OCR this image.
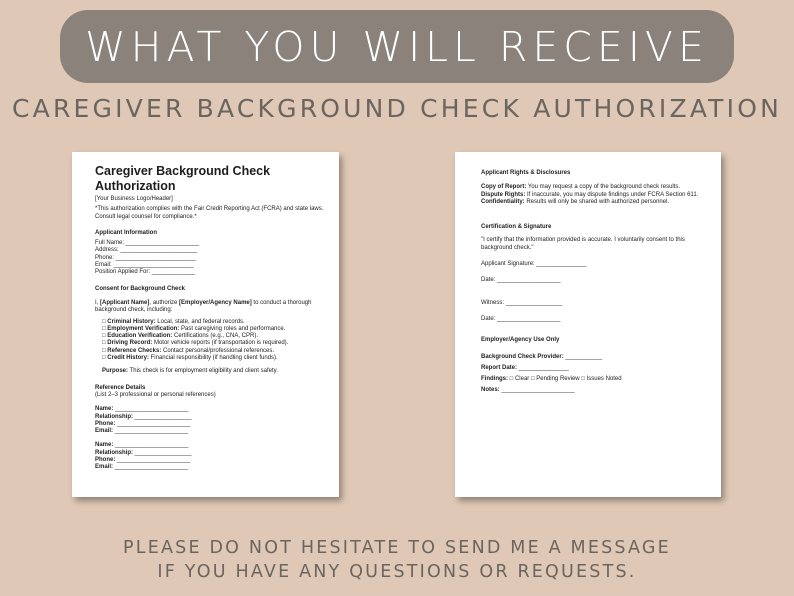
WHAT YOU WILL RECEIVE
CAREGIVER BACKGROUND CHECK AUTHORIZATION
Caregiver Background Check Authorization
[Your Business Logo/Header]
*This authorization complies with the Fair Credit Reporting Act (FCRA) and state laws. Consult legal counsel for compliance.*
Applicant Information
Full Name: ______________________
Address: _______________________
Phone: ________________________
Email: ________________________
Position Applied For: _____________
Consent for Background Check
I, [Applicant Name], authorize [Employer/Agency Name] to conduct a thorough background check, including:
□ Criminal History: Local, state, and federal records.
□ Employment Verification: Past caregiving roles and performance.
□ Education Verification: Certifications (e.g., CNA, CPR).
□ Driving Record: Motor vehicle reports (if transportation is required).
□ Reference Checks: Contact personal/professional references.
□ Credit History: Financial responsibility (if handling client funds).
Purpose: This check is for employment eligibility and client safety.
Reference Details
(List 2–3 professional or personal references)
Name: ______________________
Relationship: _________________
Phone: ______________________
Email: ______________________
Name: ______________________
Relationship: _________________
Phone: ______________________
Email: ______________________
Applicant Rights & Disclosures
Copy of Report: You may request a copy of the background check results.
Dispute Rights: If inaccurate, you may dispute findings under FCRA Section 611.
Confidentiality: Results will only be shared with authorized personnel.
Certification & Signature
"I certify that the information provided is accurate. I voluntarily consent to this background check."
Applicant Signature: _______________
Date: ___________________
Witness: _________________
Date: ___________________
Employer/Agency Use Only
Background Check Provider: ___________
Report Date: _______________
Findings: □ Clear □ Pending Review □ Issues Noted
Notes: ______________________
PLEASE DO NOT HESITATE TO SEND ME A MESSAGE
IF YOU HAVE ANY QUESTIONS OR REQUESTS.
